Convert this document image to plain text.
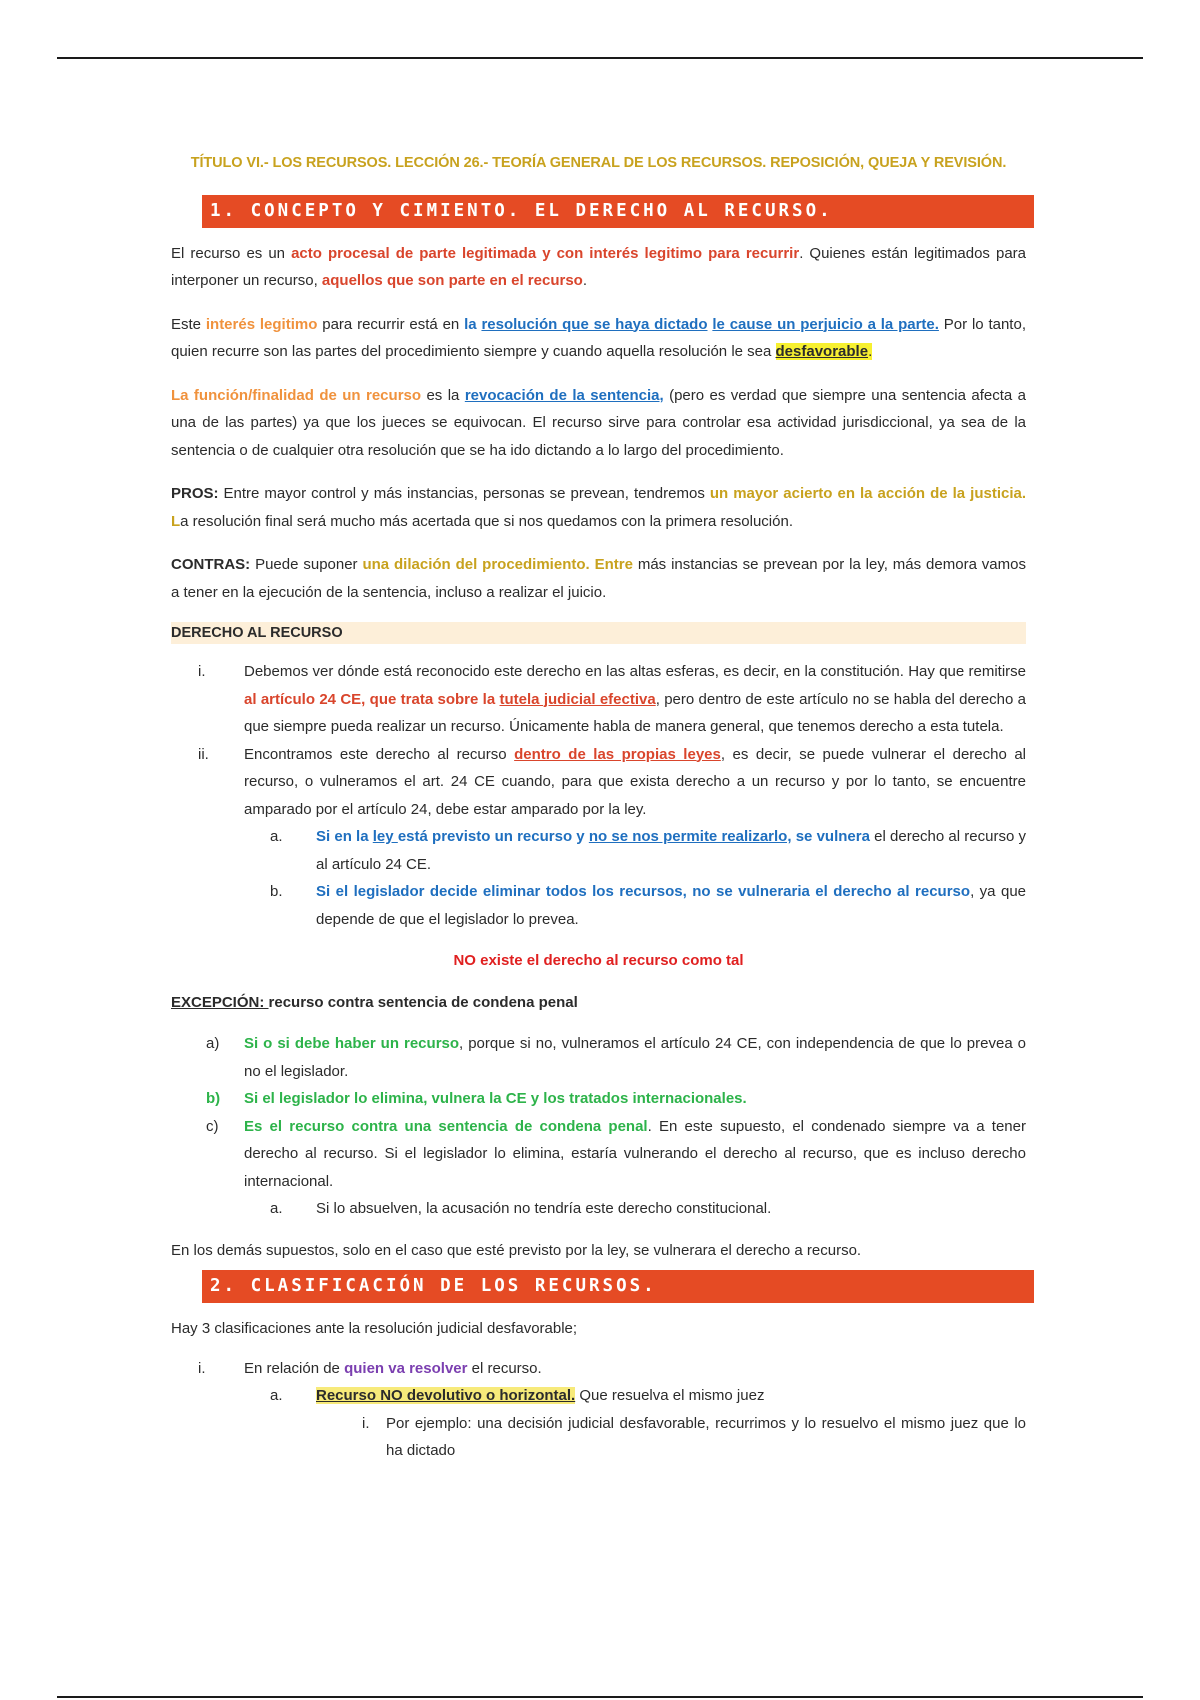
TÍTULO VI.- LOS RECURSOS. LECCIÓN 26.- TEORÍA GENERAL DE LOS RECURSOS. REPOSICIÓN, QUEJA Y REVISIÓN.
1. CONCEPTO Y CIMIENTO. EL DERECHO AL RECURSO.

El recurso es un acto procesal de parte legitimada y con interés legitimo para recurrir. Quienes están legitimados para interponer un recurso, aquellos que son parte en el recurso.

Este interés legitimo para recurrir está en la resolución que se haya dictado le cause un perjuicio a la parte. Por lo tanto, quien recurre son las partes del procedimiento siempre y cuando aquella resolución le sea desfavorable.

La función/finalidad de un recurso es la revocación de la sentencia, (pero es verdad que siempre una sentencia afecta a una de las partes) ya que los jueces se equivocan. El recurso sirve para controlar esa actividad jurisdiccional, ya sea de la sentencia o de cualquier otra resolución que se ha ido dictando a lo largo del procedimiento.

PROS: Entre mayor control y más instancias, personas se prevean, tendremos un mayor acierto en la acción de la justicia. La resolución final será mucho más acertada que si nos quedamos con la primera resolución.

CONTRAS: Puede suponer una dilación del procedimiento. Entre más instancias se prevean por la ley, más demora vamos a tener en la ejecución de la sentencia, incluso a realizar el juicio.

DERECHO AL RECURSO
i.	Debemos ver dónde está reconocido este derecho en las altas esferas, es decir, en la constitución. Hay que remitirse al artículo 24 CE, que trata sobre la tutela judicial efectiva, pero dentro de este artículo no se habla del derecho a que siempre pueda realizar un recurso. Únicamente habla de manera general, que tenemos derecho a esta tutela.
ii.	Encontramos este derecho al recurso dentro de las propias leyes, es decir, se puede vulnerar el derecho al recurso, o vulneramos el art. 24 CE cuando, para que exista derecho a un recurso y por lo tanto, se encuentre amparado por el artículo 24, debe estar amparado por la ley.
a.	Si en la ley está previsto un recurso y no se nos permite realizarlo, se vulnera el derecho al recurso y al artículo 24 CE.
b.	Si el legislador decide eliminar todos los recursos, no se vulneraria el derecho al recurso, ya que depende de que el legislador lo prevea.
NO existe el derecho al recurso como tal

EXCEPCIÓN: recurso contra sentencia de condena penal

a)	Si o si debe haber un recurso, porque si no, vulneramos el artículo 24 CE, con independencia de que lo prevea o no el legislador.
b)	Si el legislador lo elimina, vulnera la CE y los tratados internacionales.
c)	Es el recurso contra una sentencia de condena penal. En este supuesto, el condenado siempre va a tener derecho al recurso. Si el legislador lo elimina, estaría vulnerando el derecho al recurso, que es incluso derecho internacional.
a.	Si lo absuelven, la acusación no tendría este derecho constitucional.

En los demás supuestos, solo en el caso que esté previsto por la ley, se vulnerara el derecho a recurso.

2. CLASIFICACIÓN DE LOS RECURSOS.

Hay 3 clasificaciones ante la resolución judicial desfavorable;

i.	En relación de quien va resolver el recurso.
a.	Recurso NO devolutivo o horizontal. Que resuelva el mismo juez
i.	Por ejemplo: una decisión judicial desfavorable, recurrimos y lo resuelvo el mismo juez que lo ha dictado
